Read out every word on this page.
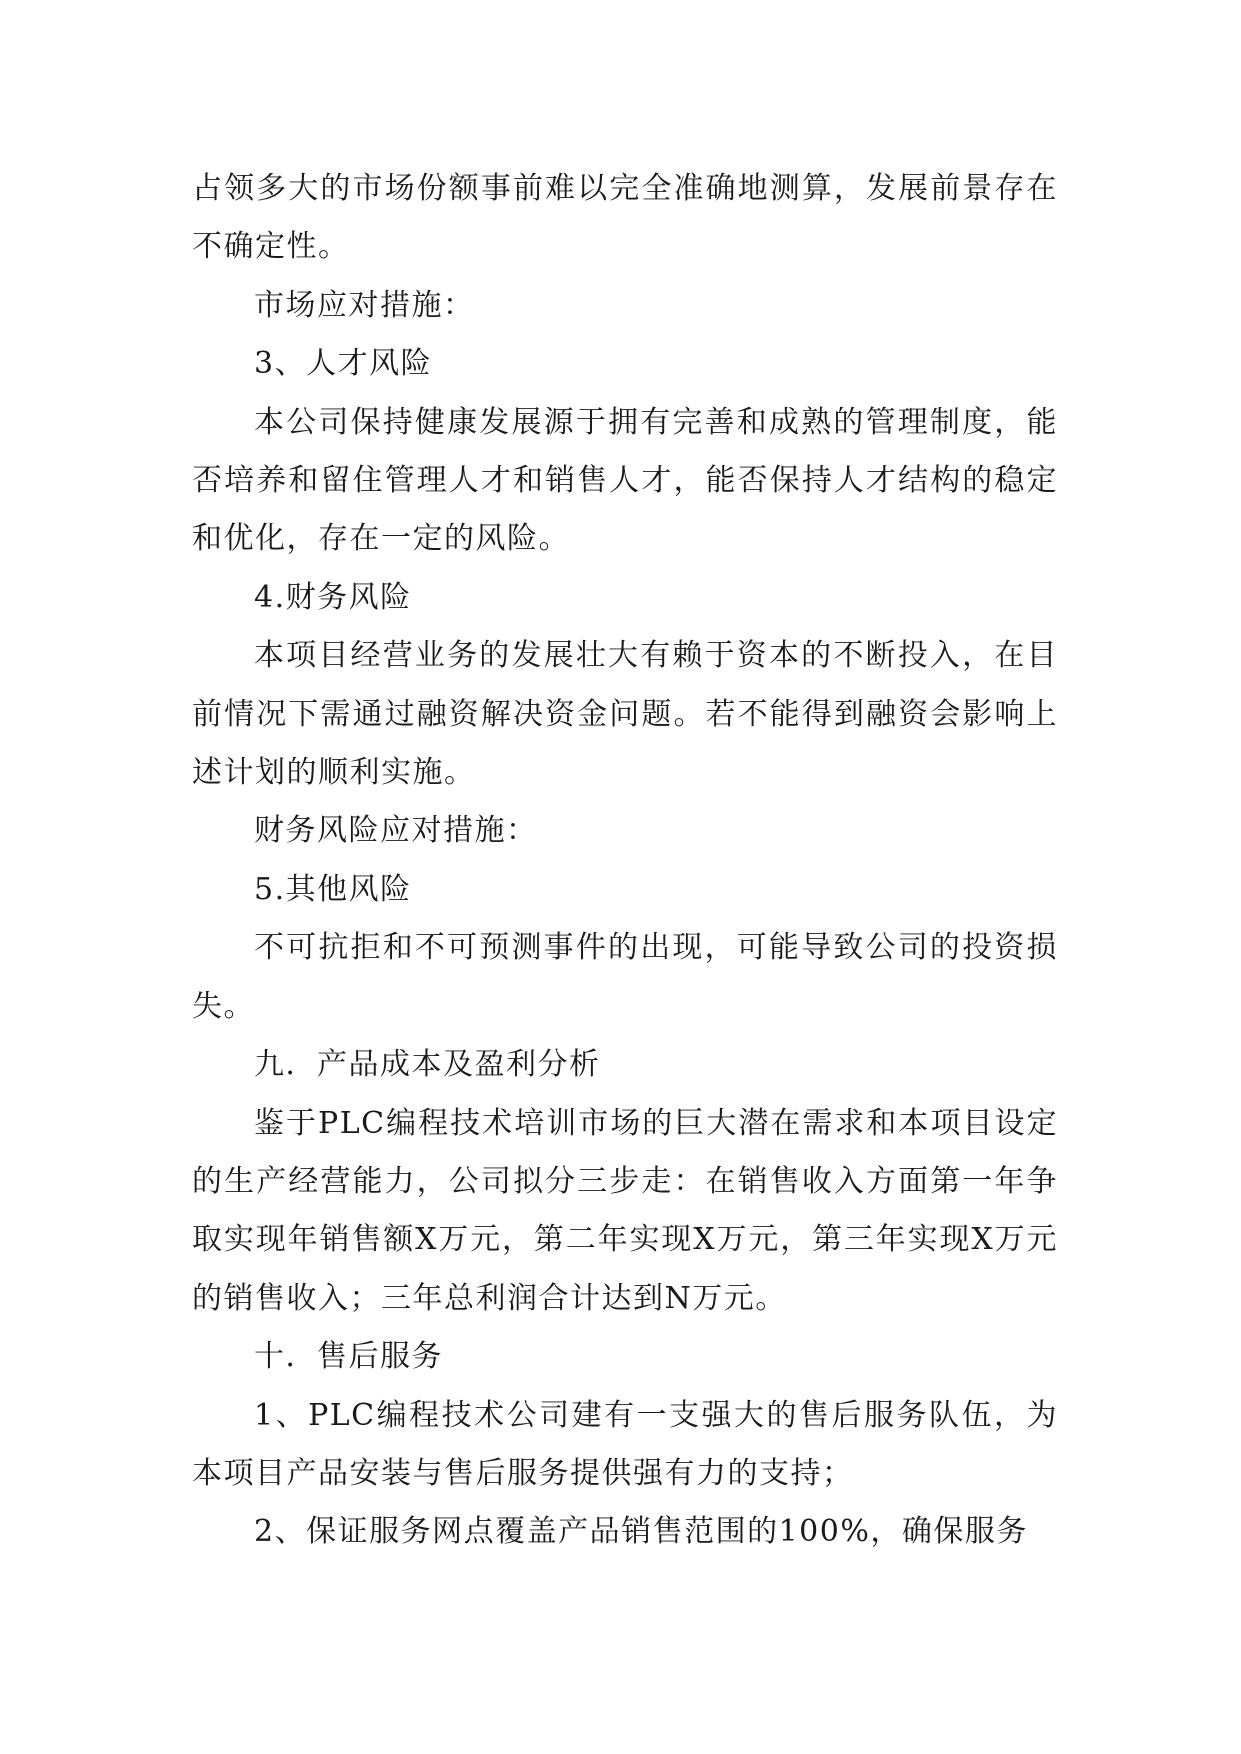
占领多大的市场份额事前难以完全准确地测算，发展前景存在不确定性。

市场应对措施：

3、人才风险

本公司保持健康发展源于拥有完善和成熟的管理制度，能否培养和留住管理人才和销售人才，能否保持人才结构的稳定和优化，存在一定的风险。

4.财务风险

本项目经营业务的发展壮大有赖于资本的不断投入，在目前情况下需通过融资解决资金问题。若不能得到融资会影响上述计划的顺利实施。

财务风险应对措施：

5.其他风险

不可抗拒和不可预测事件的出现，可能导致公司的投资损失。

九．产品成本及盈利分析

鉴于PLC编程技术培训市场的巨大潜在需求和本项目设定的生产经营能力，公司拟分三步走：在销售收入方面第一年争取实现年销售额X万元，第二年实现X万元，第三年实现X万元的销售收入；三年总利润合计达到N万元。

十．售后服务

1、PLC编程技术公司建有一支强大的售后服务队伍，为本项目产品安装与售后服务提供强有力的支持；

2、保证服务网点覆盖产品销售范围的100%，确保服务
